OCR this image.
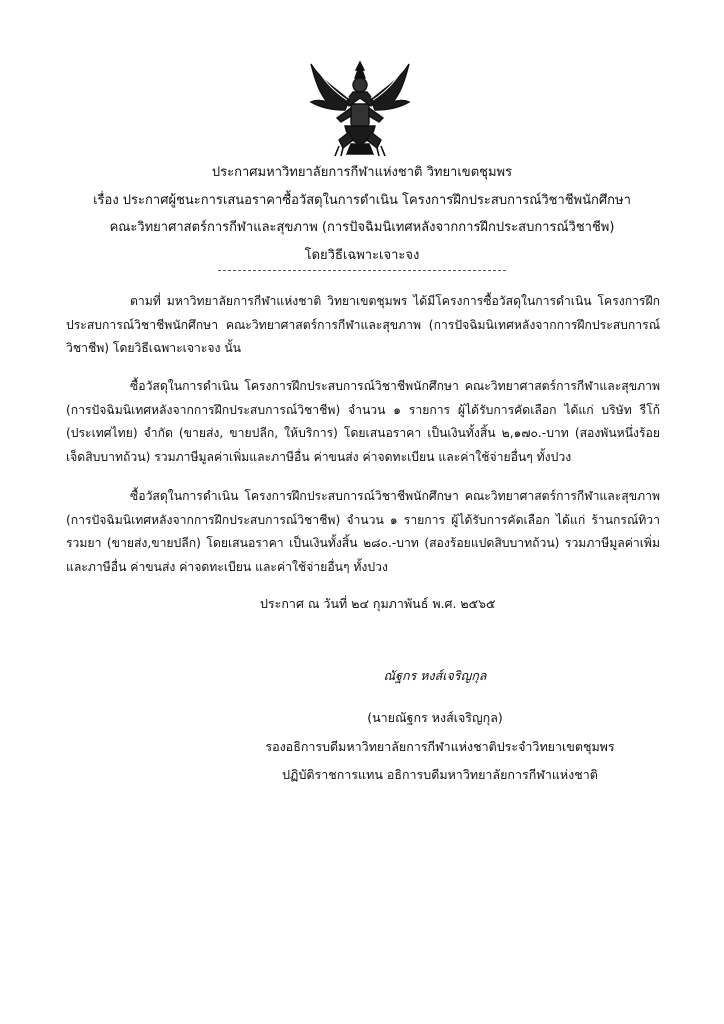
ประกาศมหาวิทยาลัยการกีฬาแห่งชาติ วิทยาเขตชุมพร
เรื่อง ประกาศผู้ชนะการเสนอราคาซื้อวัสดุในการดำเนิน โครงการฝึกประสบการณ์วิชาชีพนักศึกษา
คณะวิทยาศาสตร์การกีฬาและสุขภาพ (การปัจฉิมนิเทศหลังจากการฝึกประสบการณ์วิชาชีพ)
โดยวิธีเฉพาะเจาะจง
ตามที่ มหาวิทยาลัยการกีฬาแห่งชาติ วิทยาเขตชุมพร ได้มีโครงการซื้อวัสดุในการดำเนิน โครงการฝึก
ประสบการณ์วิชาชีพนักศึกษา คณะวิทยาศาสตร์การกีฬาและสุขภาพ (การปัจฉิมนิเทศหลังจากการฝึกประสบการณ์
วิชาชีพ) โดยวิธีเฉพาะเจาะจง นั้น
ซื้อวัสดุในการดำเนิน โครงการฝึกประสบการณ์วิชาชีพนักศึกษา คณะวิทยาศาสตร์การกีฬาและสุขภาพ
(การปัจฉิมนิเทศหลังจากการฝึกประสบการณ์วิชาชีพ) จำนวน ๑ รายการ ผู้ได้รับการคัดเลือก ได้แก่ บริษัท รีโก้
(ประเทศไทย) จำกัด (ขายส่ง, ขายปลีก, ให้บริการ) โดยเสนอราคา เป็นเงินทั้งสิ้น ๒,๑๗๐.-บาท (สองพันหนึ่งร้อย
เจ็ดสิบบาทถ้วน) รวมภาษีมูลค่าเพิ่มและภาษีอื่น ค่าขนส่ง ค่าจดทะเบียน และค่าใช้จ่ายอื่นๆ ทั้งปวง
ซื้อวัสดุในการดำเนิน โครงการฝึกประสบการณ์วิชาชีพนักศึกษา คณะวิทยาศาสตร์การกีฬาและสุขภาพ
(การปัจฉิมนิเทศหลังจากการฝึกประสบการณ์วิชาชีพ) จำนวน ๑ รายการ ผู้ได้รับการคัดเลือก ได้แก่ ร้านกรณ์ทิวา
รวมยา (ขายส่ง,ขายปลีก) โดยเสนอราคา เป็นเงินทั้งสิ้น ๒๘๐.-บาท (สองร้อยแปดสิบบาทถ้วน) รวมภาษีมูลค่าเพิ่ม
และภาษีอื่น ค่าขนส่ง ค่าจดทะเบียน และค่าใช้จ่ายอื่นๆ ทั้งปวง
ประกาศ ณ วันที่ ๒๔ กุมภาพันธ์ พ.ศ. ๒๕๖๕
ณัฐกร หงส์เจริญกุล
(นายณัฐกร หงส์เจริญกุล)
รองอธิการบดีมหาวิทยาลัยการกีฬาแห่งชาติประจำวิทยาเขตชุมพร
ปฏิบัติราชการแทน อธิการบดีมหาวิทยาลัยการกีฬาแห่งชาติ
